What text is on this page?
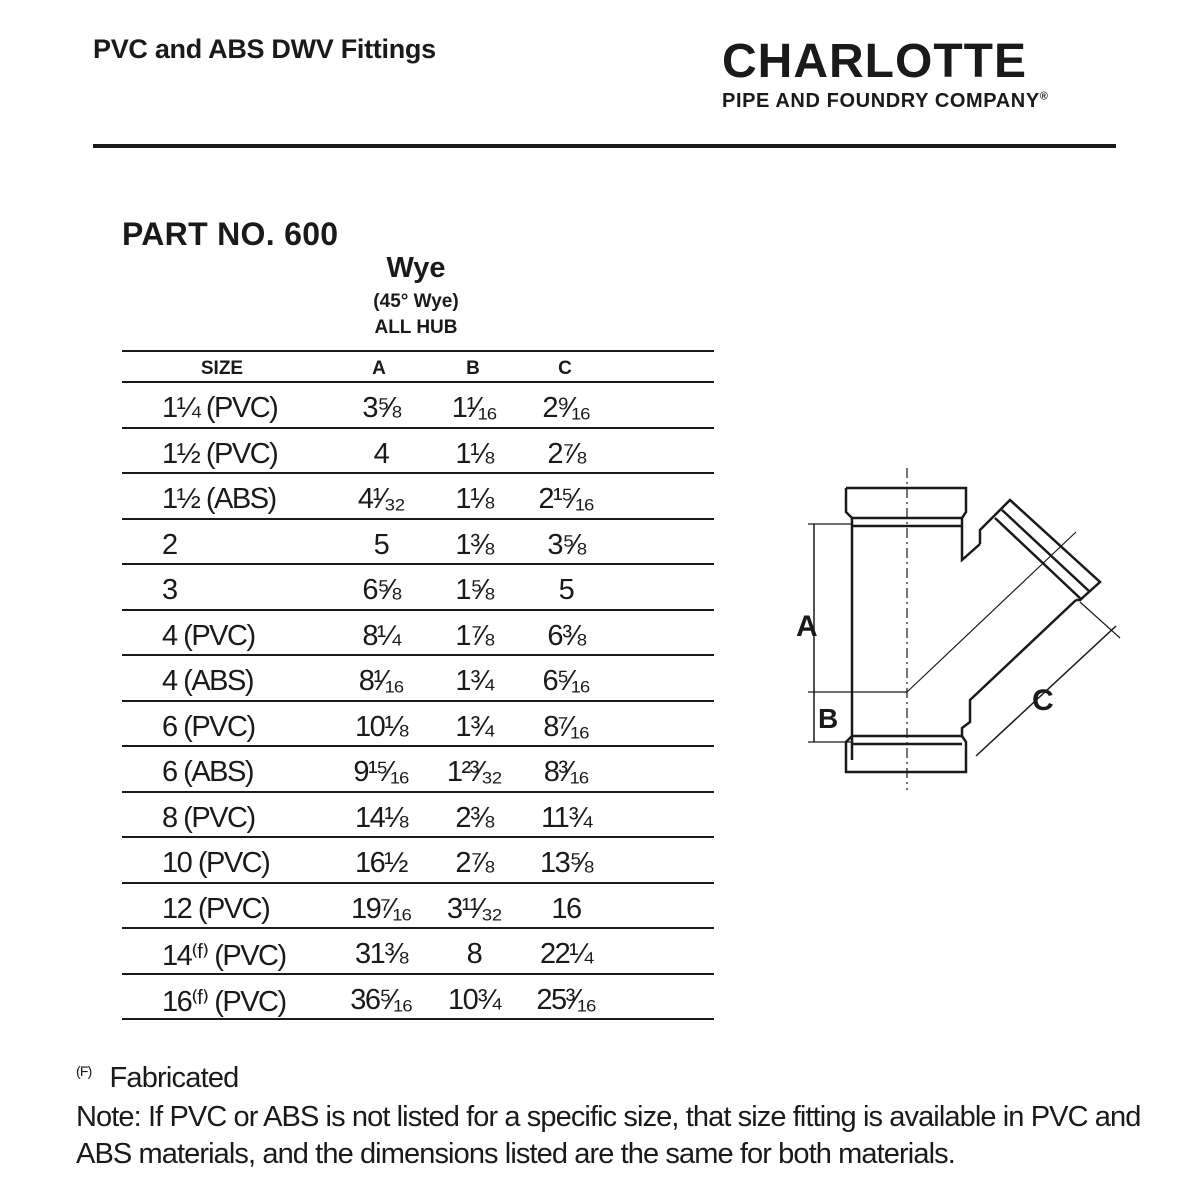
PVC and ABS DWV Fittings	CHARLOTTE
PIPE AND FOUNDRY COMPANY®
PART NO. 600
Wye
(45° Wye)
ALL HUB
SIZE	A	B	C
1¼ (PVC)	3⅝	1¹⁄₁₆	2⁹⁄₁₆
1½ (PVC)	4	1⅛	2⅞
1½ (ABS)	4¹⁄₃₂	1⅛	2¹⁵⁄₁₆
2	5	1⅜	3⅝
3	6⅝	1⅝	5
4 (PVC)	8¼	1⅞	6⅜
4 (ABS)	8¹⁄₁₆	1¾	6⁵⁄₁₆
6 (PVC)	10⅛	1¾	8⁷⁄₁₆
6 (ABS)	9¹⁵⁄₁₆	1²³⁄₃₂	8³⁄₁₆
8 (PVC)	14⅛	2⅜	11¾
10 (PVC)	16½	2⅞	13⅝
12 (PVC)	19⁷⁄₁₆	3¹¹⁄₃₂	16
14⁽ᶠ⁾ (PVC)	31⅜	8	22¼
16⁽ᶠ⁾ (PVC)	36⁵⁄₁₆	10¾	25³⁄₁₆
A
B
C
$^{(F)}$ Fabricated
Note: If PVC or ABS is not listed for a specific size, that size fitting is available in PVC and ABS materials, and the dimensions listed are the same for both materials.
